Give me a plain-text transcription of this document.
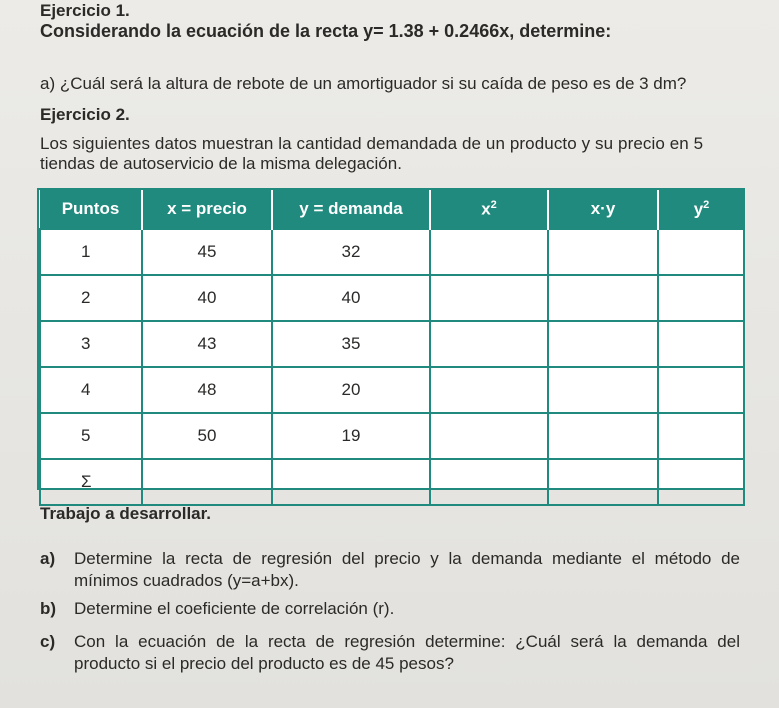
Ejercicio 1.
Considerando la ecuación de la recta y= 1.38 + 0.2466x, determine:
a) ¿Cuál será la altura de rebote de un amortiguador si su caída de peso es de 3 dm?
Ejercicio 2.
Los siguientes datos muestran la cantidad demandada de un producto y su precio en 5
tiendas de autoservicio de la misma delegación.
Puntos	x = precio	y = demanda	$x^2$	x·y	$y^2$
1	45	32			
2	40	40			
3	43	35			
4	48	20			
5	50	19			
Σ					
Trabajo a desarrollar.
a) Determine la recta de regresión del precio y la demanda mediante el método de mínimos cuadrados (y=a+bx).
b) Determine el coeficiente de correlación (r).
c) Con la ecuación de la recta de regresión determine: ¿Cuál será la demanda del producto si el precio del producto es de 45 pesos?
